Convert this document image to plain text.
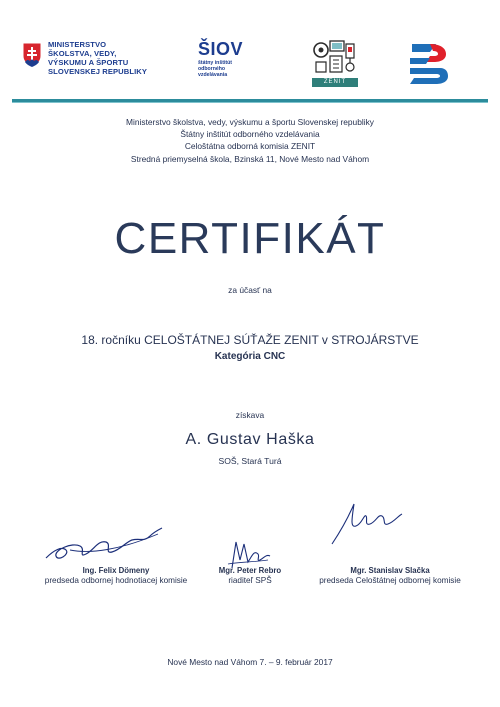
MINISTERSTVO
ŠKOLSTVA, VEDY,
VÝSKUMU A ŠPORTU
SLOVENSKEJ REPUBLIKY
ŠIOV
štátny inštitút
odborného
vzdelávania
ZENIT
Ministerstvo školstva, vedy, výskumu a športu Slovenskej republiky
Štátny inštitút odborného vzdelávania
Celoštátna odborná komisia ZENIT
Stredná priemyselná škola, Bzinská 11, Nové Mesto nad Váhom
CERTIFIKÁT
za účasť na
18. ročníku CELOŠTÁTNEJ SÚŤAŽE ZENIT v STROJÁRSTVE
Kategória CNC
získava
A. Gustav Haška
SOŠ, Stará Turá
Ing. Felix Dömeny
predseda odbornej hodnotiacej komisie
Mgr. Peter Rebro
riaditeľ SPŠ
Mgr. Stanislav Slačka
predseda Celoštátnej odbornej komisie
Nové Mesto nad Váhom 7. – 9. február 2017
